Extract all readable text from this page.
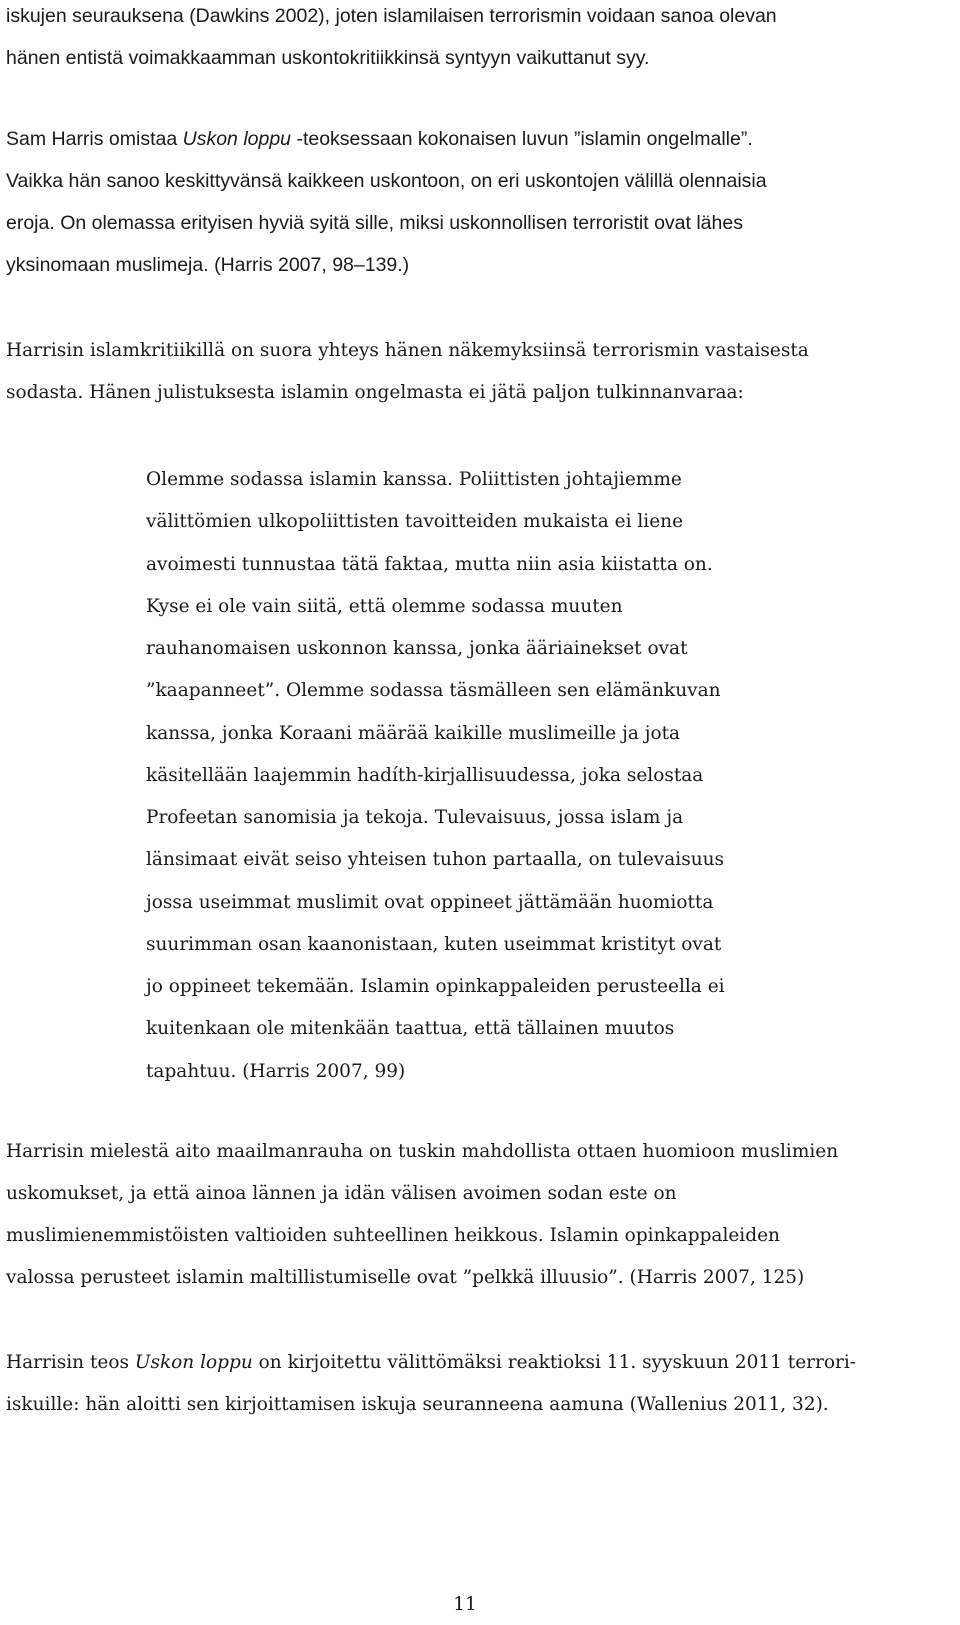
iskujen seurauksena (Dawkins 2002), joten islamilaisen terrorismin voidaan sanoa olevan
hänen entistä voimakkaamman uskontokritiikkinsä syntyyn vaikuttanut syy.

Sam Harris omistaa Uskon loppu -teoksessaan kokonaisen luvun ”islamin ongelmalle”.
Vaikka hän sanoo keskittyvänsä kaikkeen uskontoon, on eri uskontojen välillä olennaisia
eroja. On olemassa erityisen hyviä syitä sille, miksi uskonnollisen terroristit ovat lähes
yksinomaan muslimeja. (Harris 2007, 98–139.)

Harrisin islamkritiikillä on suora yhteys hänen näkemyksiinsä terrorismin vastaisesta
sodasta. Hänen julistuksesta islamin ongelmasta ei jätä paljon tulkinnanvaraa:

Olemme sodassa islamin kanssa. Poliittisten johtajiemme
välittömien ulkopoliittisten tavoitteiden mukaista ei liene
avoimesti tunnustaa tätä faktaa, mutta niin asia kiistatta on.
Kyse ei ole vain siitä, että olemme sodassa muuten
rauhanomaisen uskonnon kanssa, jonka ääriainekset ovat
”kaapanneet”. Olemme sodassa täsmälleen sen elämänkuvan
kanssa, jonka Koraani määrää kaikille muslimeille ja jota
käsitellään laajemmin hadíth-kirjallisuudessa, joka selostaa
Profeetan sanomisia ja tekoja. Tulevaisuus, jossa islam ja
länsimaat eivät seiso yhteisen tuhon partaalla, on tulevaisuus
jossa useimmat muslimit ovat oppineet jättämään huomiotta
suurimman osan kaanonistaan, kuten useimmat kristityt ovat
jo oppineet tekemään. Islamin opinkappaleiden perusteella ei
kuitenkaan ole mitenkään taattua, että tällainen muutos
tapahtuu. (Harris 2007, 99)

Harrisin mielestä aito maailmanrauha on tuskin mahdollista ottaen huomioon muslimien
uskomukset, ja että ainoa lännen ja idän välisen avoimen sodan este on
muslimienemmistöisten valtioiden suhteellinen heikkous. Islamin opinkappaleiden
valossa perusteet islamin maltillistumiselle ovat ”pelkkä illuusio”. (Harris 2007, 125)

Harrisin teos Uskon loppu on kirjoitettu välittömäksi reaktioksi 11. syyskuun 2011 terrori-
iskuille: hän aloitti sen kirjoittamisen iskuja seuranneena aamuna (Wallenius 2011, 32).

11
